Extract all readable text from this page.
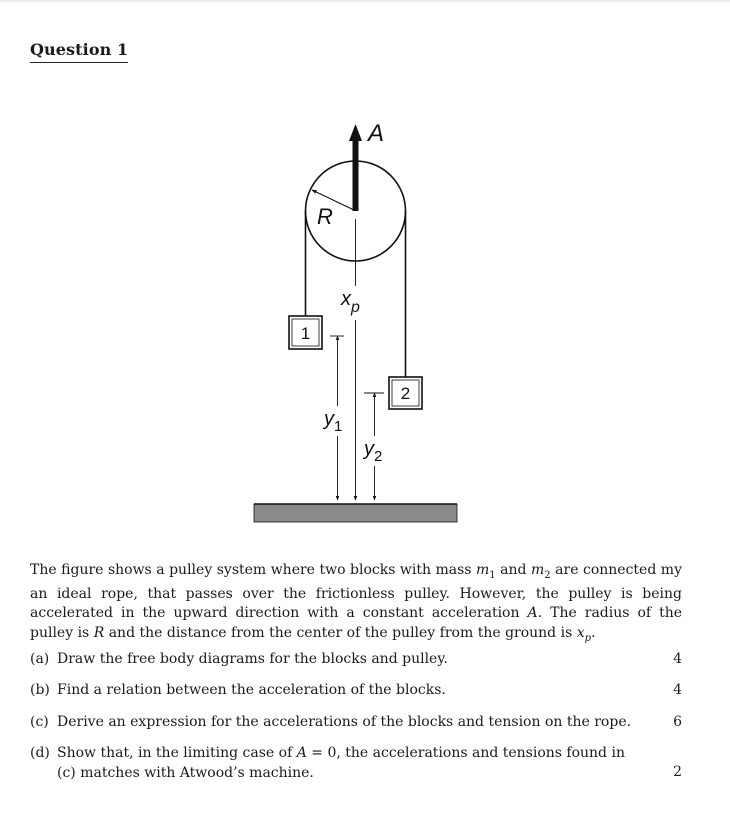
Question 1
A
R
$x_p$
1
2
$y_1$
$y_2$
The figure shows a pulley system where two blocks with mass $m_1$ and $m_2$ are connected my an ideal rope, that passes over the frictionless pulley. However, the pulley is being accelerated in the upward direction with a constant acceleration A. The radius of the pulley is R and the distance from the center of the pulley from the ground is $x_p$.
(a) Draw the free body diagrams for the blocks and pulley.	4
(b) Find a relation between the acceleration of the blocks.	4
(c) Derive an expression for the accelerations of the blocks and tension on the rope.	6
(d) Show that, in the limiting case of A = 0, the accelerations and tensions found in (c) matches with Atwood’s machine.	2
